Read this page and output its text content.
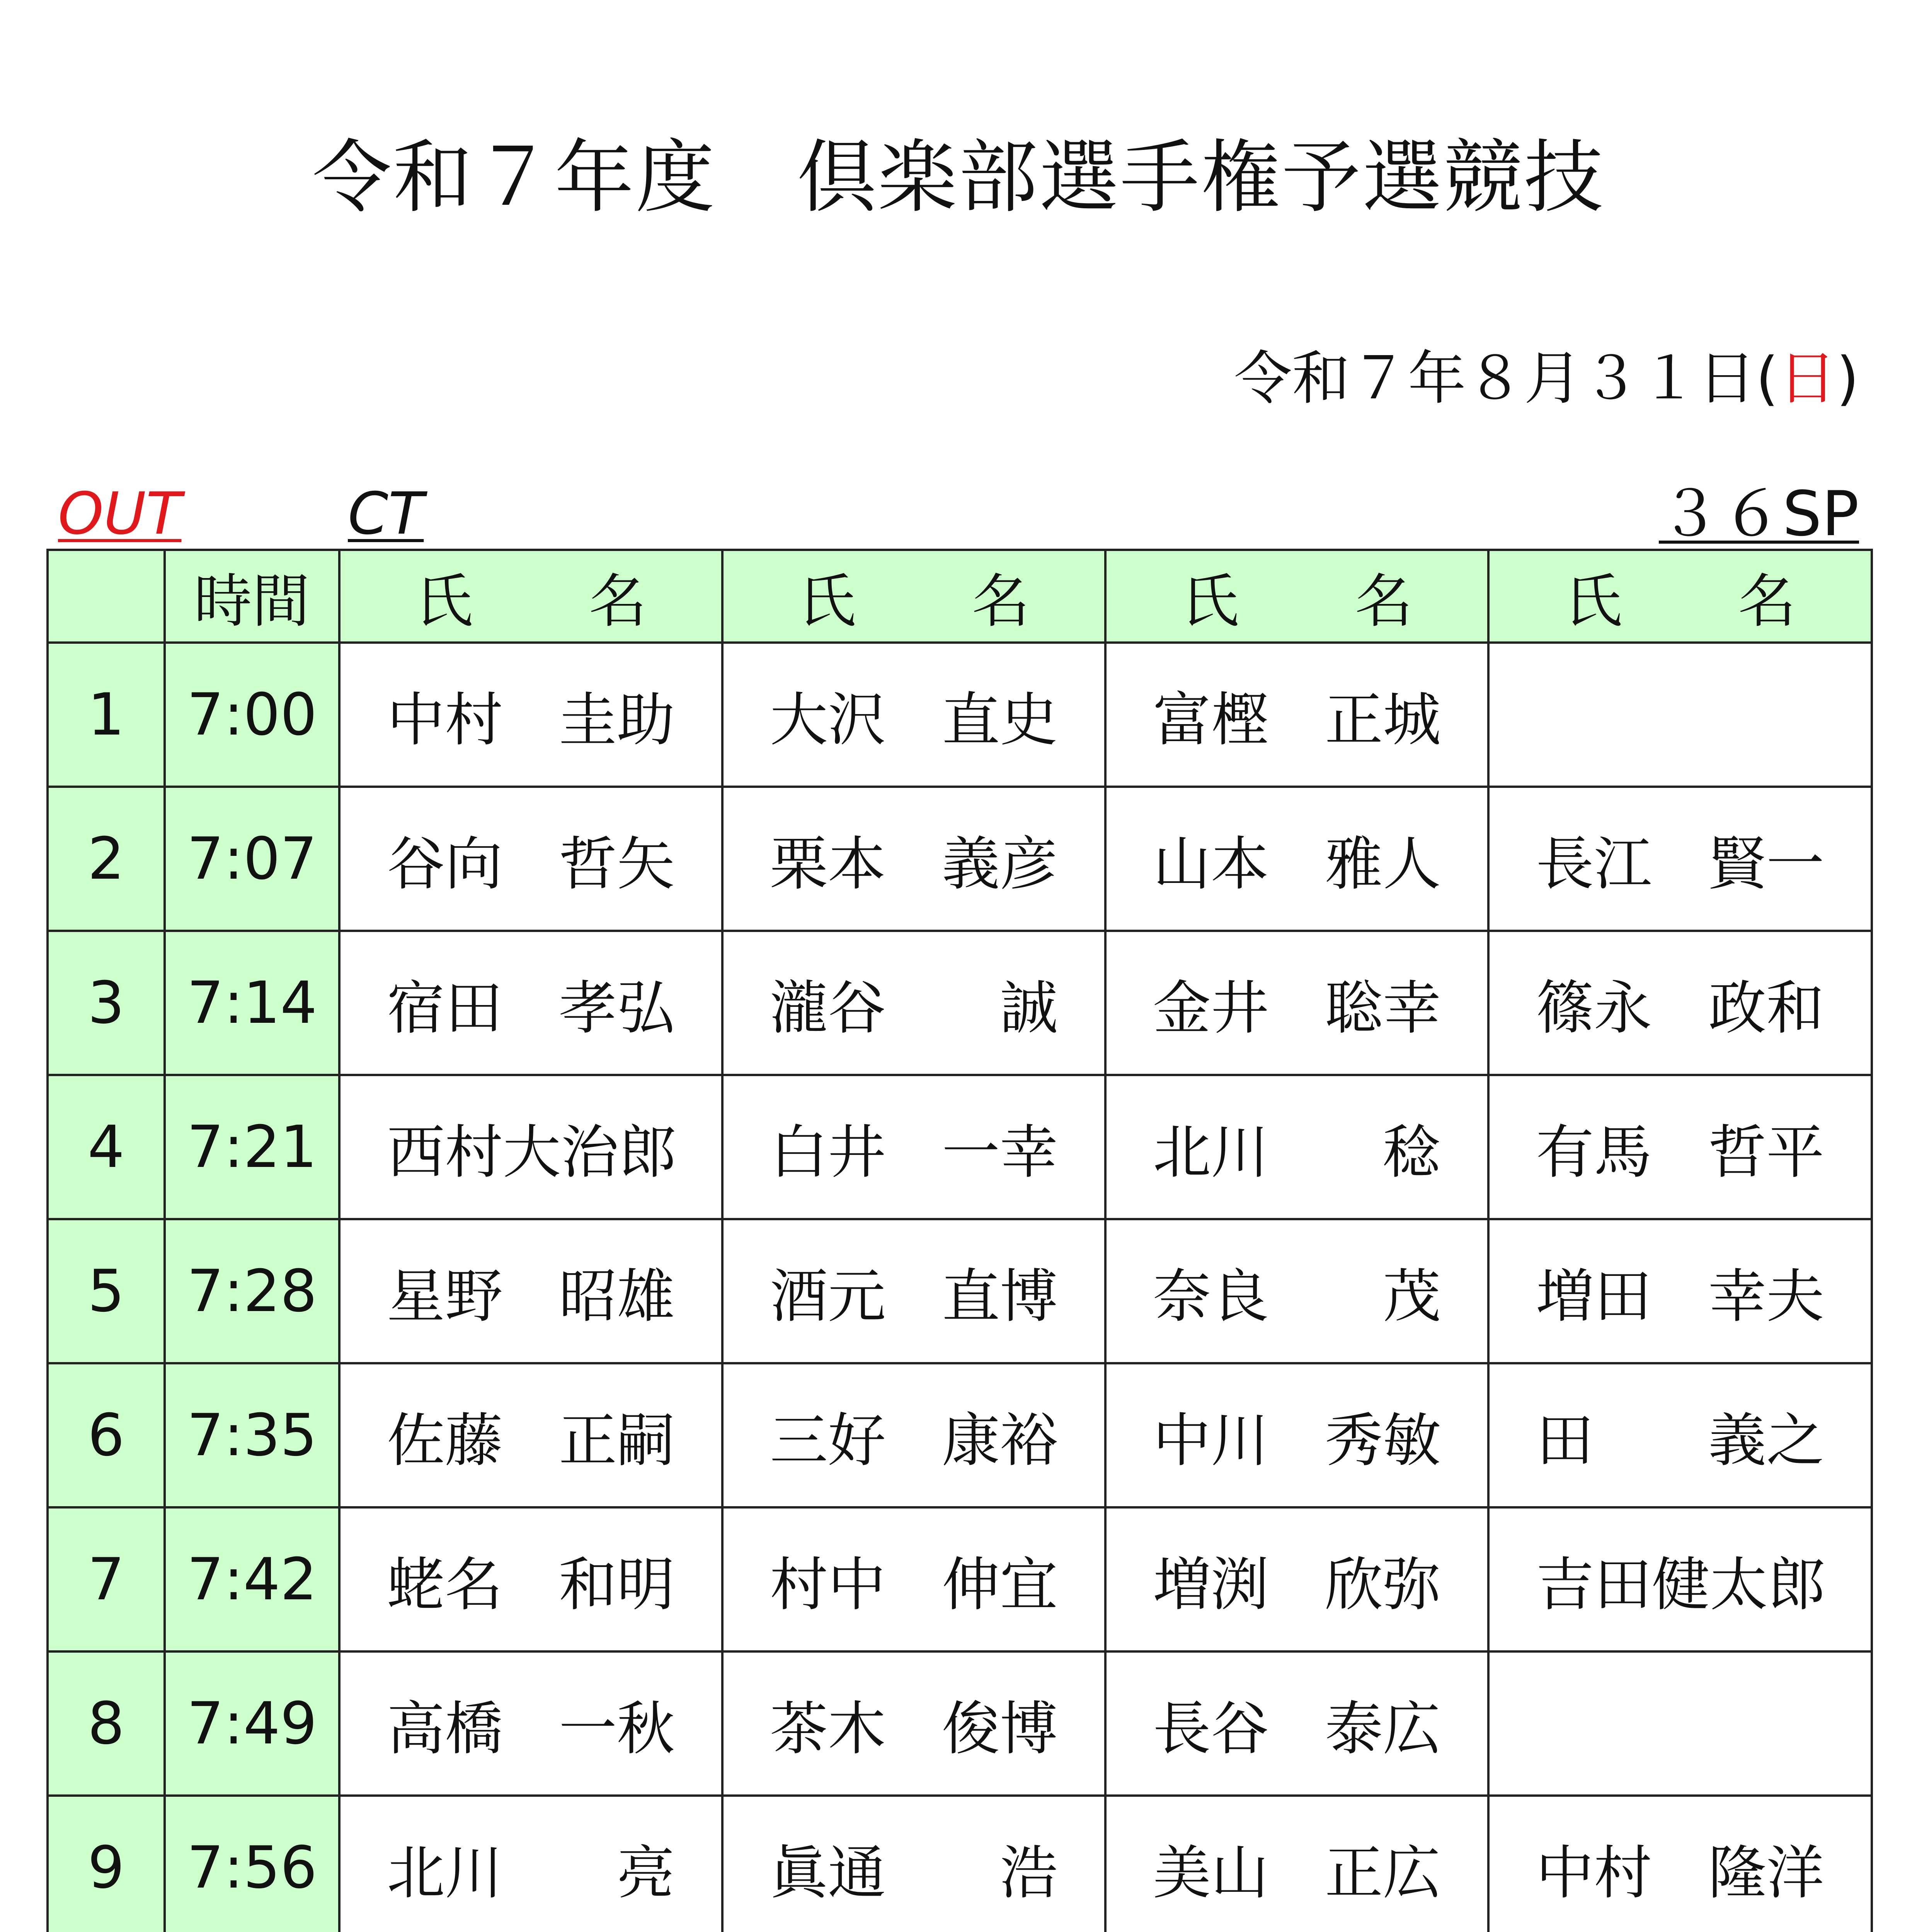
令和７年度　倶楽部選手権予選競技
令和７年８月３１日(日)
OUT	CT	３６SP
	時間	氏 名	氏 名	氏 名	氏 名
1	7:00	中村 圭助	大沢 直史	富樫 正城	

2	7:07	谷向 哲矢	栗本 義彦	山本 雅人	長江 賢一

3	7:14	宿田 孝弘	瀧谷 誠	金井 聡幸	篠永 政和

4	7:21	西村大治郎	白井 一幸	北川 稔	有馬 哲平

5	7:28	星野 昭雄	酒元 直博	奈良 茂	増田 幸夫

6	7:35	佐藤 正嗣	三好 康裕	中川 秀敏	田 義之

7	7:42	蛯名 和明	村中 伸宜	増渕 欣弥	吉田健太郎

8	7:49	高橋 一秋	茶木 俊博	長谷 泰広	

9	7:56	北川 亮	眞通 浩	美山 正広	中村 隆洋
